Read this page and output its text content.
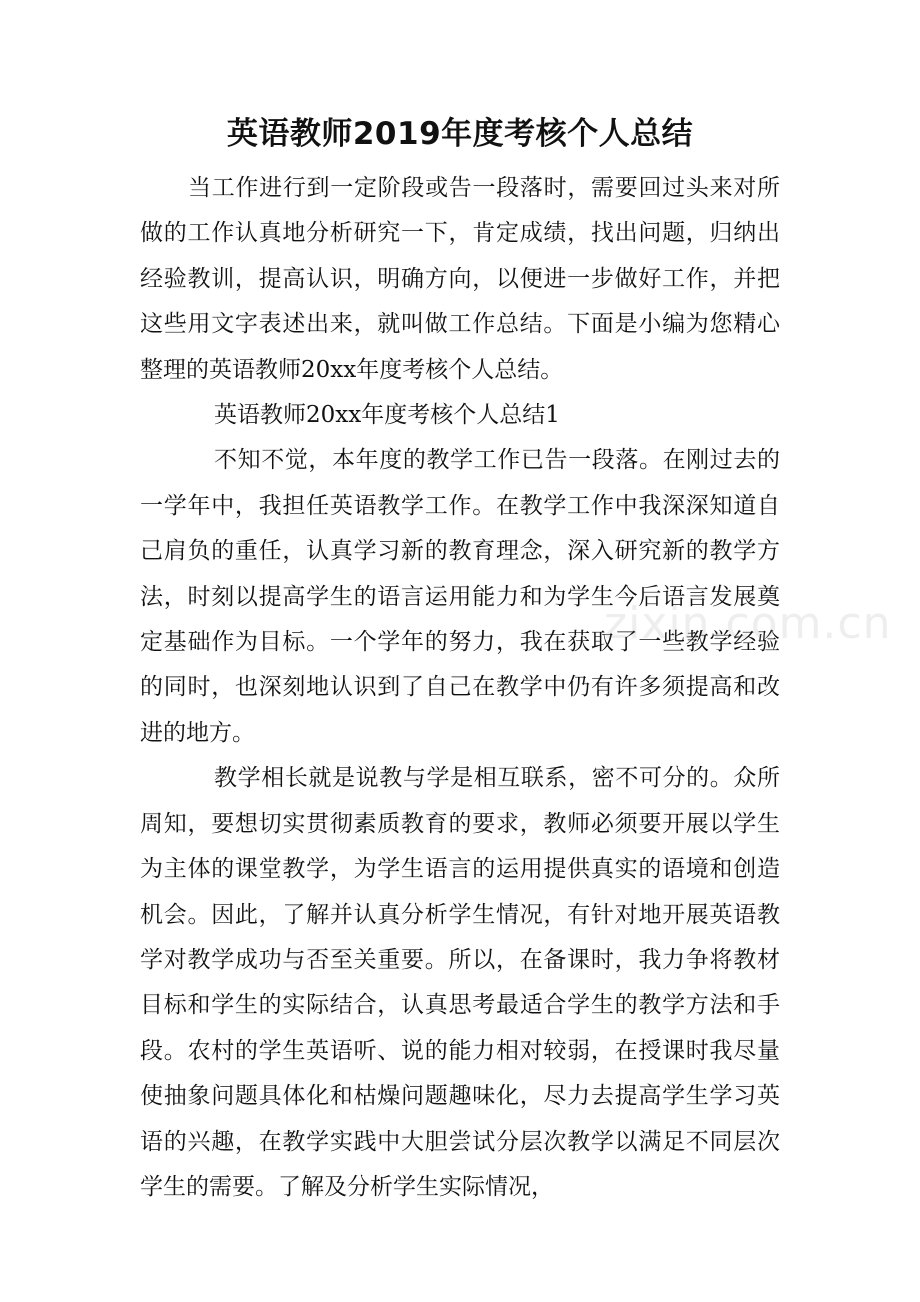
英语教师2019年度考核个人总结

当工作进行到一定阶段或告一段落时，需要回过头来对所做的工作认真地分析研究一下，肯定成绩，找出问题，归纳出经验教训，提高认识，明确方向，以便进一步做好工作，并把这些用文字表述出来，就叫做工作总结。下面是小编为您精心整理的英语教师20xx年度考核个人总结。

英语教师20xx年度考核个人总结1

不知不觉，本年度的教学工作已告一段落。在刚过去的一学年中，我担任英语教学工作。在教学工作中我深深知道自己肩负的重任，认真学习新的教育理念，深入研究新的教学方法，时刻以提高学生的语言运用能力和为学生今后语言发展奠定基础作为目标。一个学年的努力，我在获取了一些教学经验的同时，也深刻地认识到了自己在教学中仍有许多须提高和改进的地方。

教学相长就是说教与学是相互联系，密不可分的。众所周知，要想切实贯彻素质教育的要求，教师必须要开展以学生为主体的课堂教学，为学生语言的运用提供真实的语境和创造机会。因此，了解并认真分析学生情况，有针对地开展英语教学对教学成功与否至关重要。所以，在备课时，我力争将教材目标和学生的实际结合，认真思考最适合学生的教学方法和手段。农村的学生英语听、说的能力相对较弱，在授课时我尽量使抽象问题具体化和枯燥问题趣味化，尽力去提高学生学习英语的兴趣，在教学实践中大胆尝试分层次教学以满足不同层次学生的需要。了解及分析学生实际情况，

zixin.com.cn
